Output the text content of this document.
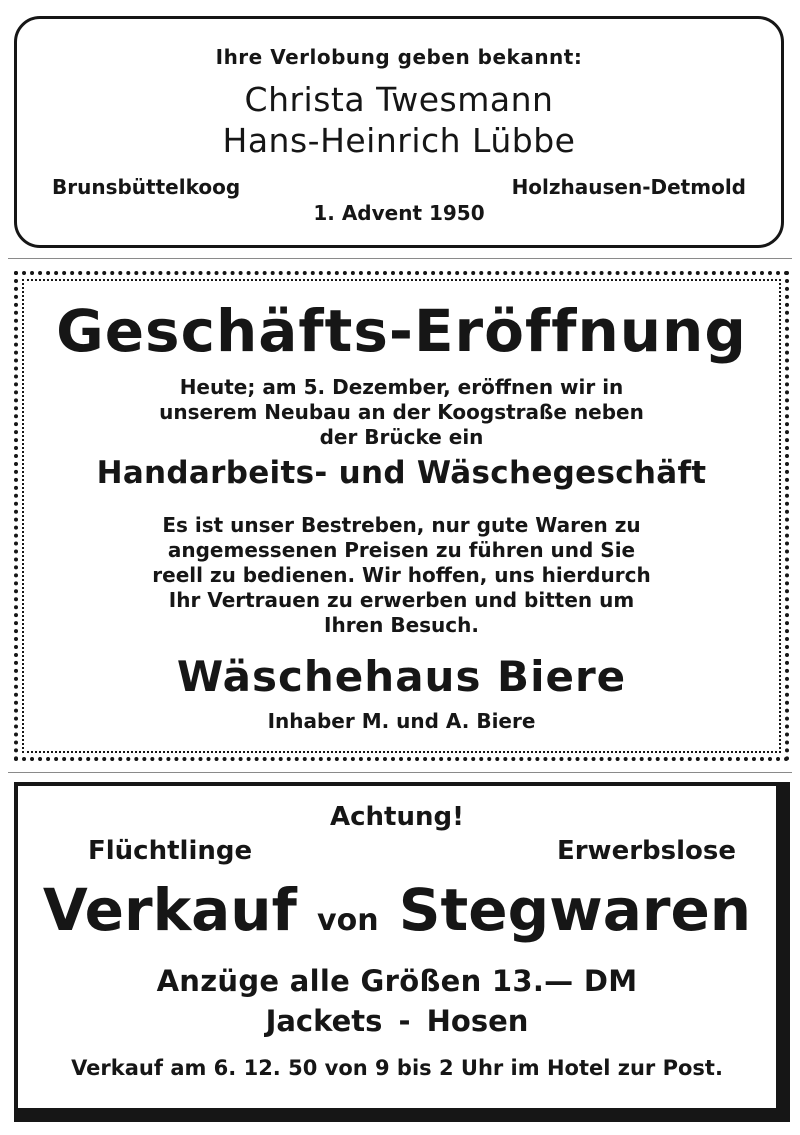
Ihre Verlobung geben bekannt:
Christa Twesmann
Hans-Heinrich Lübbe
Brunsbüttelkoog	Holzhausen-Detmold
1. Advent 1950
Geschäfts-Eröffnung
Heute; am 5. Dezember, eröffnen wir in
unserem Neubau an der Koogstraße neben
der Brücke ein
Handarbeits- und Wäschegeschäft
Es ist unser Bestreben, nur gute Waren zu
angemessenen Preisen zu führen und Sie
reell zu bedienen. Wir hoffen, uns hierdurch
Ihr Vertrauen zu erwerben und bitten um
Ihren Besuch.
Wäschehaus Biere
Inhaber M. und A. Biere
Achtung!
Flüchtlinge	Erwerbslose
Verkauf von Stegwaren
Anzüge alle Größen 13.— DM
Jackets - Hosen
Verkauf am 6. 12. 50 von 9 bis 2 Uhr im Hotel zur Post.
